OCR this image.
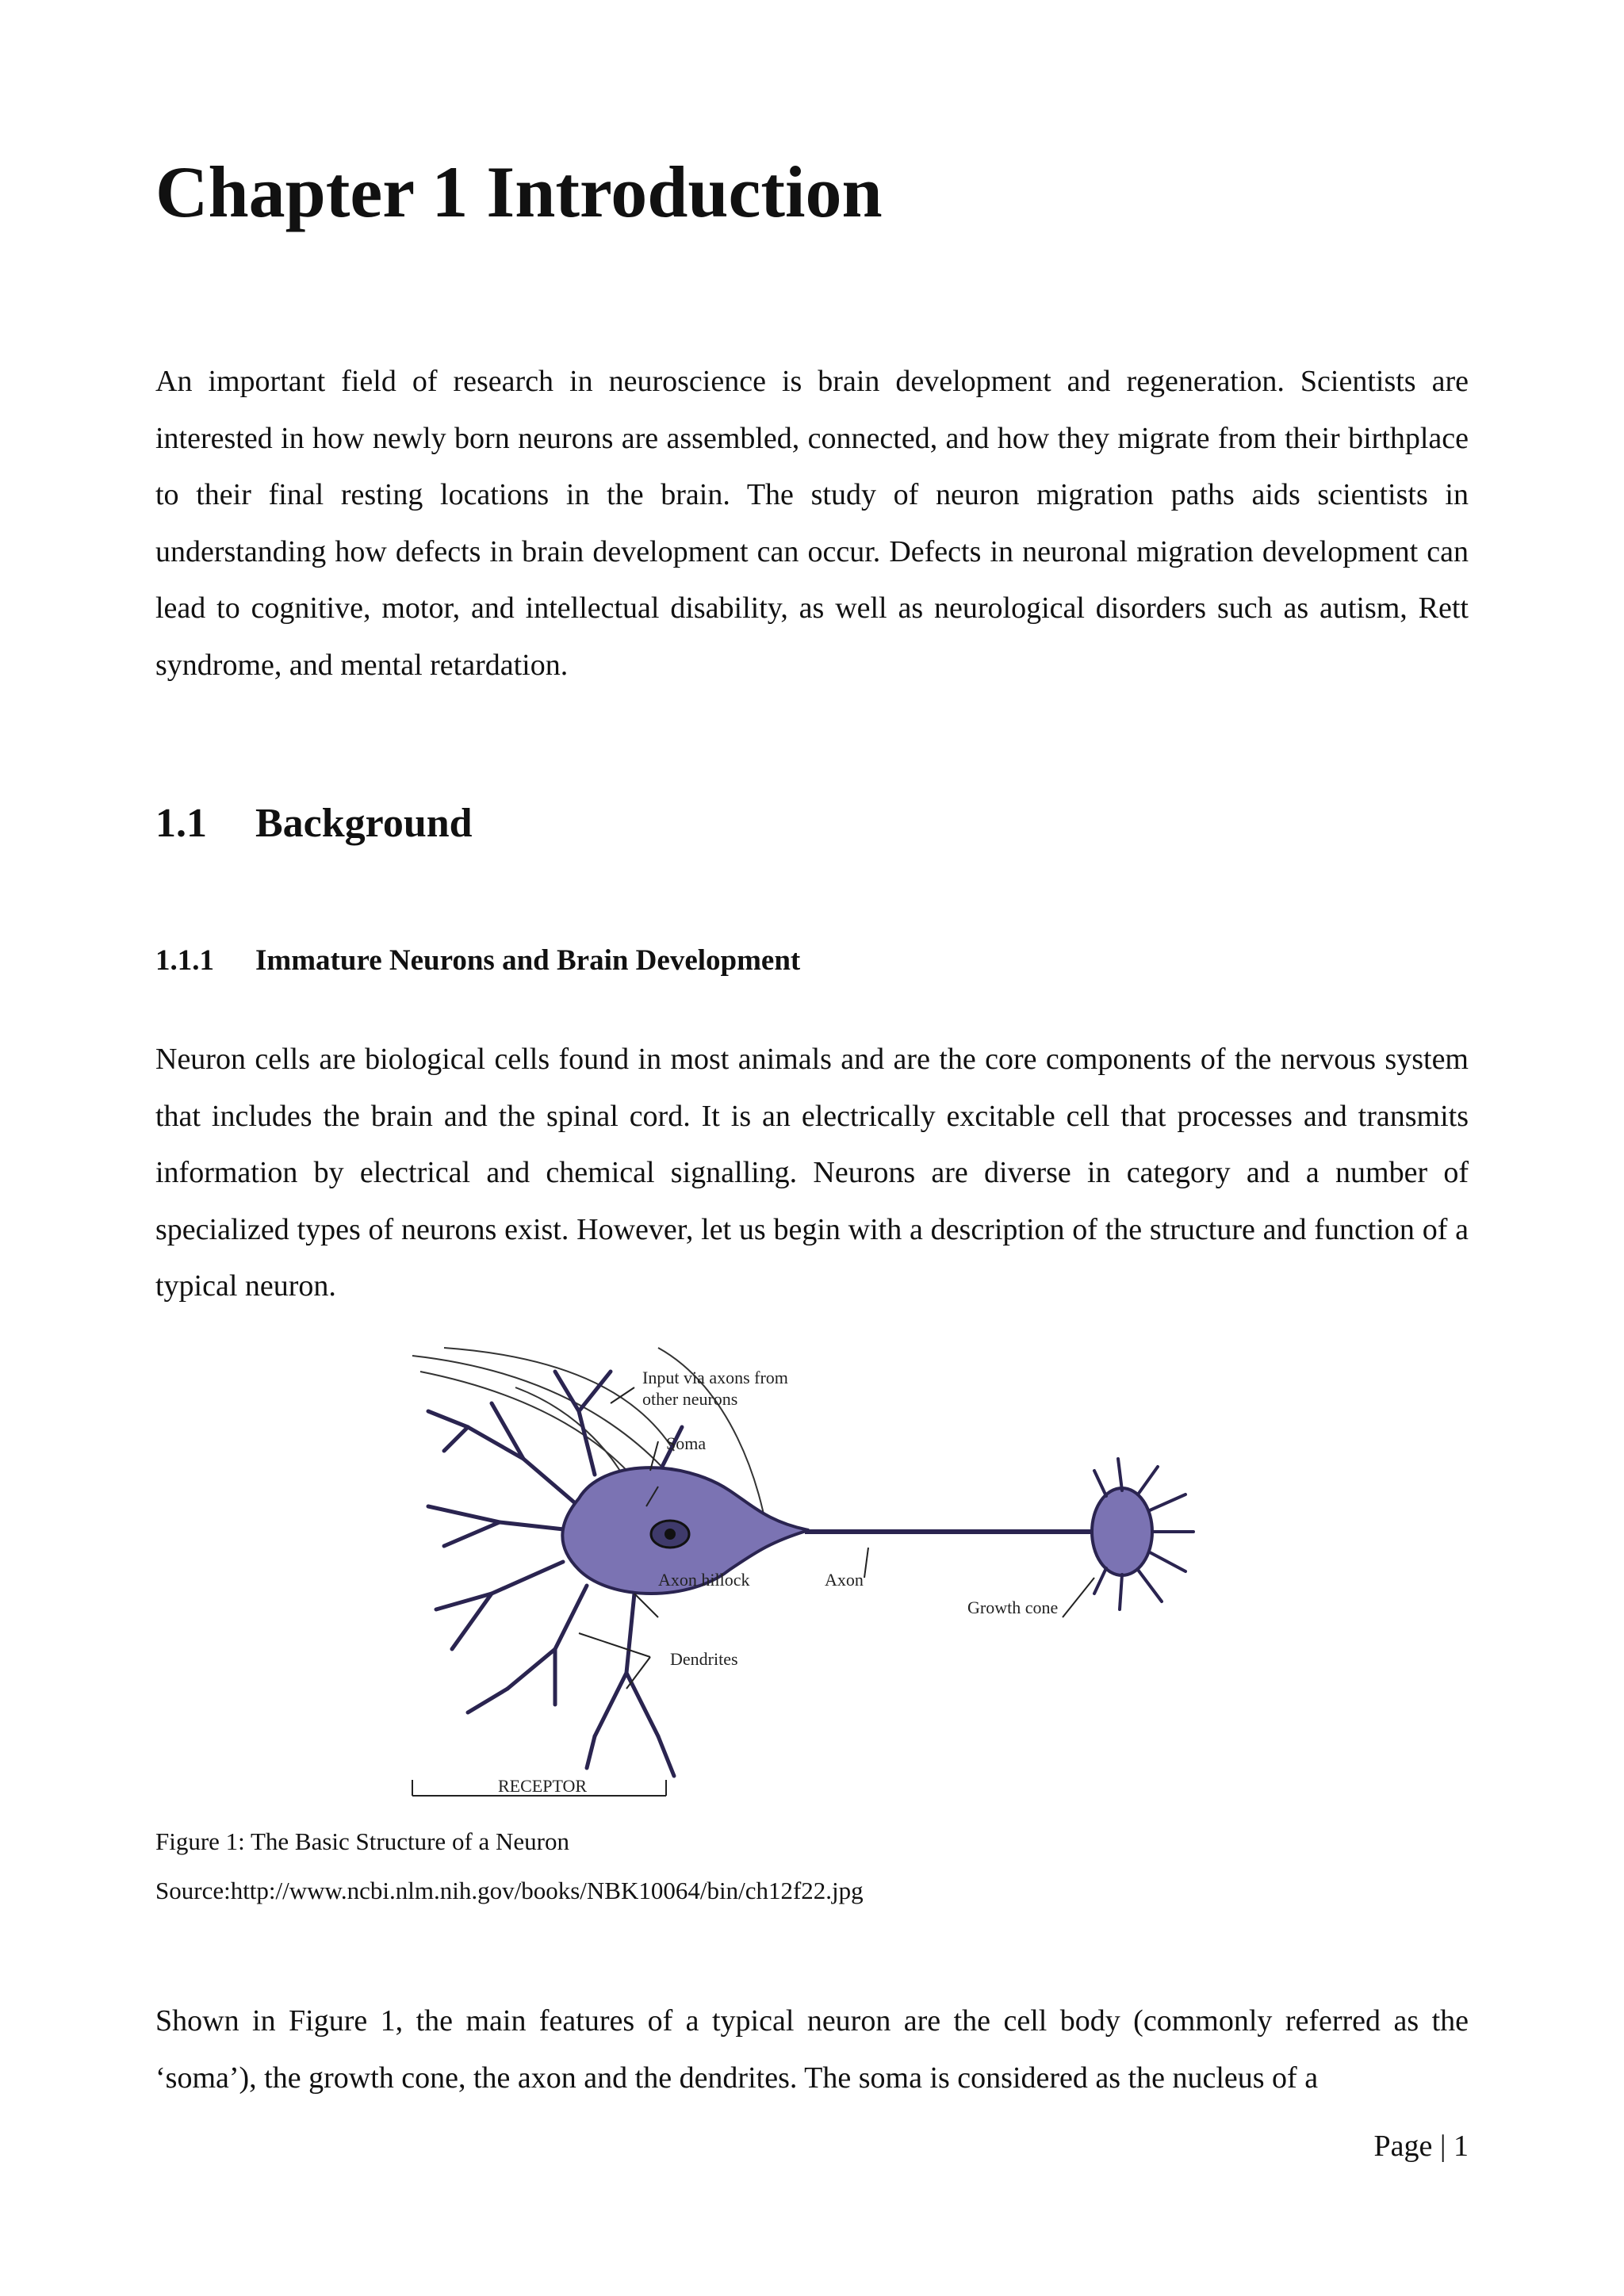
Chapter 1 Introduction

An important field of research in neuroscience is brain development and regeneration. Scientists are interested in how newly born neurons are assembled, connected, and how they migrate from their birthplace to their final resting locations in the brain. The study of neuron migration paths aids scientists in understanding how defects in brain development can occur. Defects in neuronal migration development can lead to cognitive, motor, and intellectual disability, as well as neurological disorders such as autism, Rett syndrome, and mental retardation.

1.1 Background
1.1.1 Immature Neurons and Brain Development

Neuron cells are biological cells found in most animals and are the core components of the nervous system that includes the brain and the spinal cord. It is an electrically excitable cell that processes and transmits information by electrical and chemical signalling. Neurons are diverse in category and a number of specialized types of neurons exist. However, let us begin with a description of the structure and function of a typical neuron.

Input via axons from
other neurons
Soma
Axon hillock	Axon
Growth cone
Dendrites
RECEPTOR

Figure 1: The Basic Structure of a Neuron

Source:http://www.ncbi.nlm.nih.gov/books/NBK10064/bin/ch12f22.jpg

Shown in Figure 1, the main features of a typical neuron are the cell body (commonly referred as the ‘soma’), the growth cone, the axon and the dendrites. The soma is considered as the nucleus of a

Page | 1
